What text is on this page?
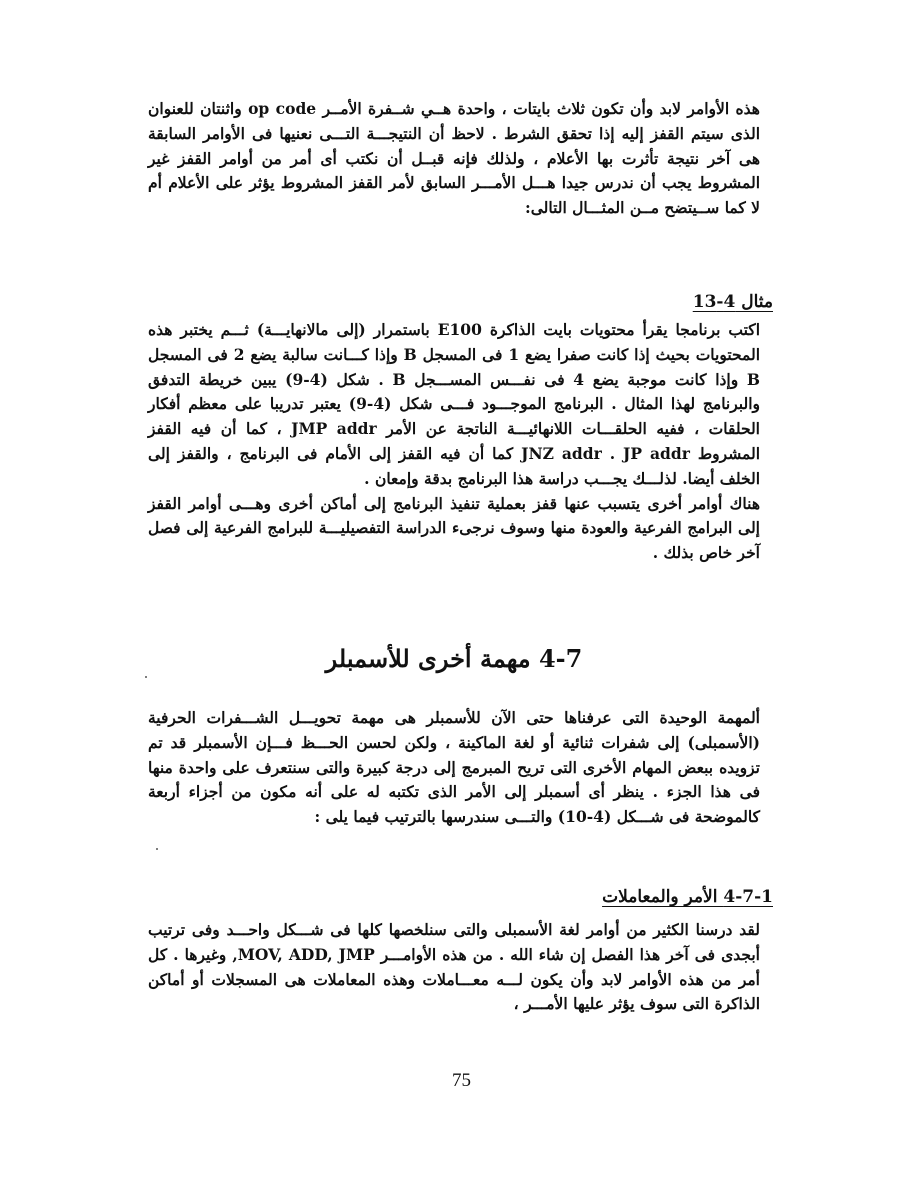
هذه الأوامر لابد وأن تكون ثلاث بايتات ، واحدة هــي شــفرة الأمــر op code واثنتان للعنوان الذى سيتم القفز إليه إذا تحقق الشرط . لاحظ أن النتيجـــة التـــى نعنيها فى الأوامر السابقة هى آخر نتيجة تأثرت بها الأعلام ، ولذلك فإنه قبــل أن نكتب أى أمر من أوامر القفز غير المشروط يجب أن ندرس جيدا هـــل الأمـــر السابق لأمر القفز المشروط يؤثر على الأعلام أم لا كما ســيتضح مــن المثـــال التالى:

مثال 4-13

اكتب برنامجا يقرأ محتويات بايت الذاكرة E100 باستمرار (إلى مالانهايـــة) ثـــم يختبر هذه المحتويات بحيث إذا كانت صفرا يضع 1 فى المسجل B وإذا كـــانت سالبة يضع 2 فى المسجل B وإذا كانت موجبة يضع 4 فى نفـــس المســـجل B . شكل (4-9) يبين خريطة التدفق والبرنامج لهذا المثال . البرنامج الموجـــود فـــى شكل (4-9) يعتبر تدريبا على معظم أفكار الحلقات ، ففيه الحلقـــات اللانهائيـــة الناتجة عن الأمر JMP addr ، كما أن فيه القفز المشروط JNZ addr . JP addr كما أن فيه القفز إلى الأمام فى البرنامج ، والقفز إلى الخلف أيضا. لذلـــك يجـــب دراسة هذا البرنامج بدقة وإمعان .

هناك أوامر أخرى يتسبب عنها قفز بعملية تنفيذ البرنامج إلى أماكن أخرى وهـــى أوامر القفز إلى البرامج الفرعية والعودة منها وسوف نرجىء الدراسة التفصيليـــة للبرامج الفرعية إلى فصل آخر خاص بذلك .

4-7 مهمة أخرى للأسمبلر

ألمهمة الوحيدة التى عرفناها حتى الآن للأسمبلر هى مهمة تحويـــل الشـــفرات الحرفية (الأسمبلى) إلى شفرات ثنائية أو لغة الماكينة ، ولكن لحسن الحـــظ فـــإن الأسمبلر قد تم تزويده ببعض المهام الأخرى التى تريح المبرمج إلى درجة كبيرة والتى سنتعرف على واحدة منها فى هذا الجزء . ينظر أى أسمبلر إلى الأمر الذى تكتبه له على أنه مكون من أجزاء أربعة كالموضحة فى شـــكل (4-10) والتـــى سندرسها بالترتيب فيما يلى :

4-7-1 الأمر والمعاملات

لقد درسنا الكثير من أوامر لغة الأسمبلى والتى سنلخصها كلها فى شـــكل واحـــد وفى ترتيب أبجدى فى آخر هذا الفصل إن شاء الله . من هذه الأوامـــر MOV, ADD, JMP, وغيرها . كل أمر من هذه الأوامر لابد وأن يكون لـــه معـــاملات وهذه المعاملات هى المسجلات أو أماكن الذاكرة التى سوف يؤثر عليها الأمـــر ،

75
